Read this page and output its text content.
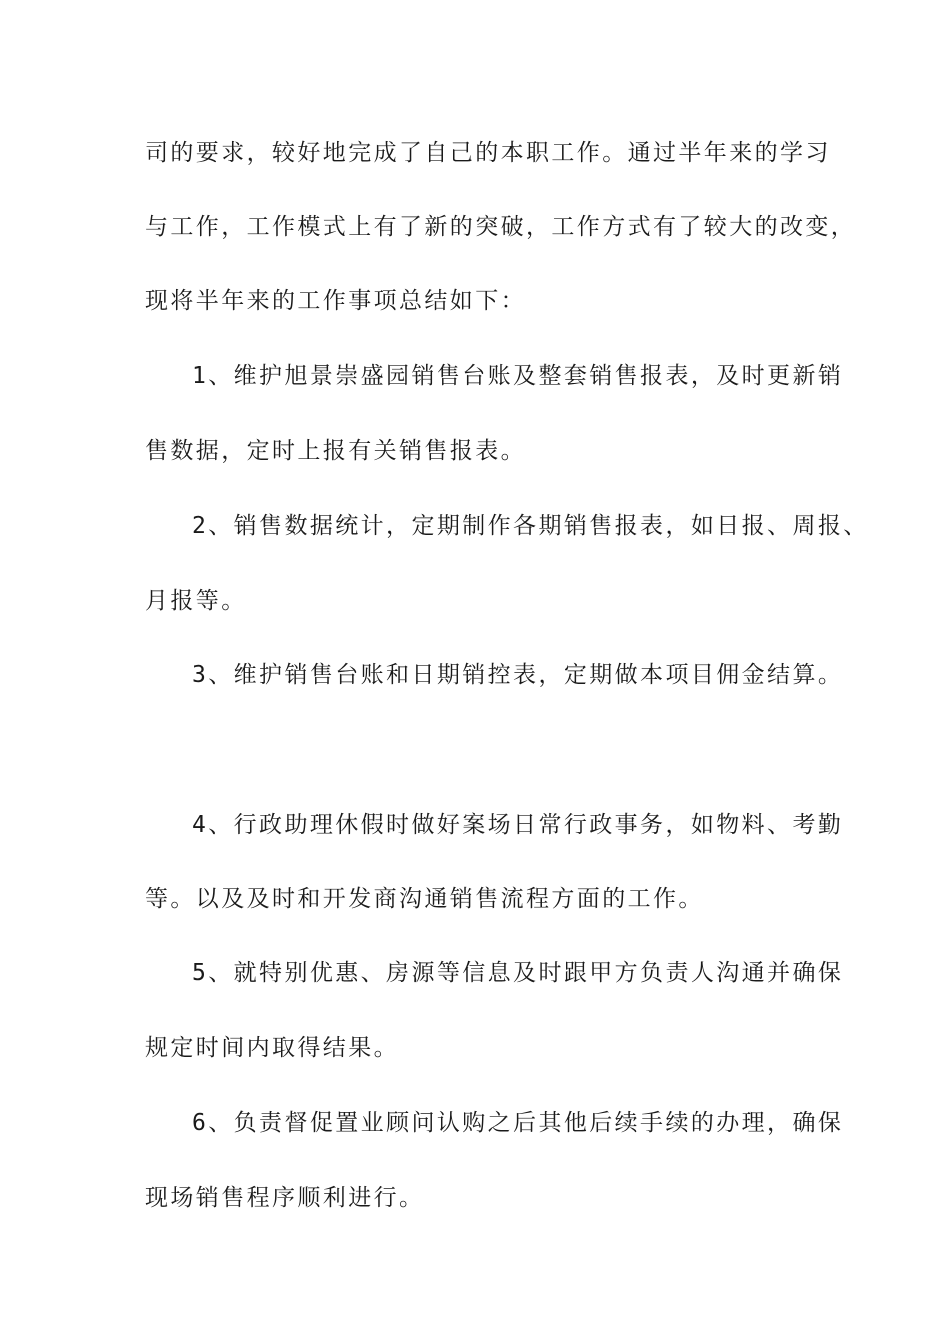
司的要求，较好地完成了自己的本职工作。通过半年来的学习
与工作，工作模式上有了新的突破，工作方式有了较大的改变，
现将半年来的工作事项总结如下：
1、维护旭景崇盛园销售台账及整套销售报表，及时更新销
售数据，定时上报有关销售报表。
2、销售数据统计，定期制作各期销售报表，如日报、周报、
月报等。
3、维护销售台账和日期销控表，定期做本项目佣金结算。
4、行政助理休假时做好案场日常行政事务，如物料、考勤
等。以及及时和开发商沟通销售流程方面的工作。
5、就特别优惠、房源等信息及时跟甲方负责人沟通并确保
规定时间内取得结果。
6、负责督促置业顾问认购之后其他后续手续的办理，确保
现场销售程序顺利进行。
